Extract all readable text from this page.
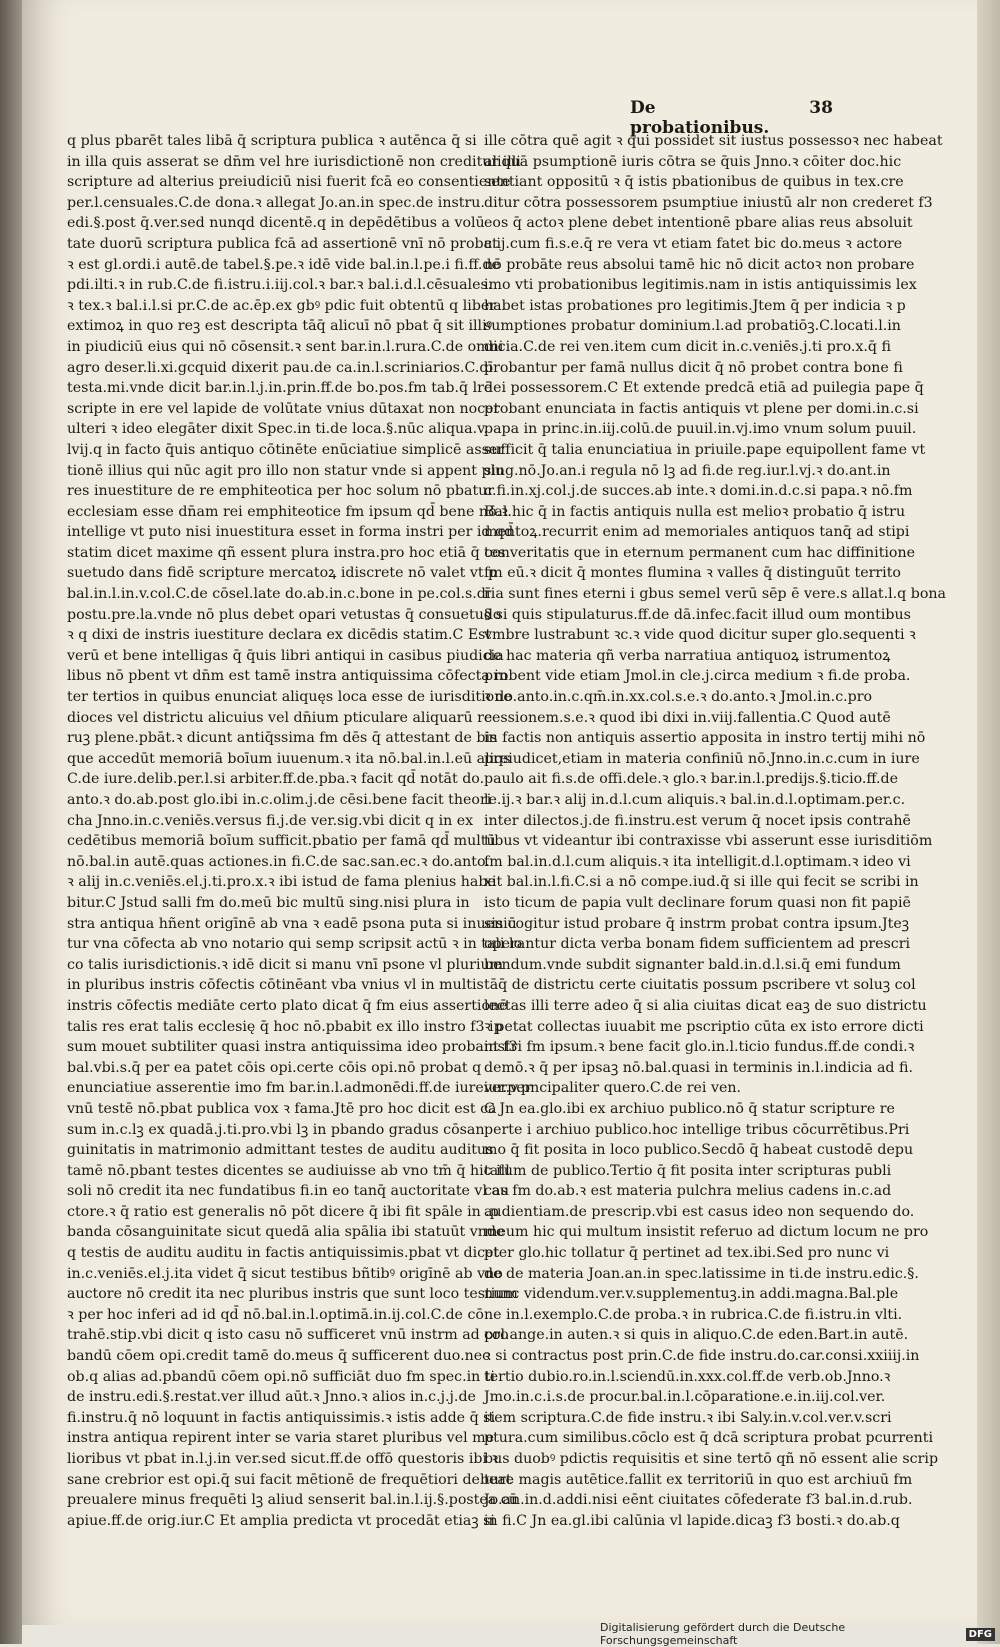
De probationibus.
38
q plus pbarēt tales libā q̄ scriptura publica ꝛ autēnca q̄ si
in illa quis asserat se dn̄m vel hre iurisdictionē non creditur illi
scripture ad alterius preiudiciū nisi fuerit fcā eo consentiente
per.l.censuales.C.de dona.ꝛ allegat Jo.an.in spec.de instru.
edi.§.post q̄.ver.sed nunqd dicentē.q in depēdētibus a volū
tate duorū scriptura publica fcā ad assertionē vnī nō probat
ꝛ est gl.ordi.i autē.de tabel.§.pe.ꝛ idē vide bal.in.l.pe.i fi.ff.de
pdi.ilti.ꝛ in rub.C.de fi.istru.i.iij.col.ꝛ bar.ꝛ bal.i.d.l.cēsuales.
ꝛ tex.ꝛ bal.i.l.si pr.C.de ac.ēp.ex gbꝰ pdic fuit obtentū q liber
extimoꝝ in quo reꝫ est descripta tāq̄ alicuī nō pbat q̄ sit illiꝰ
in piudiciū eius qui nō cōsensit.ꝛ sent bar.in.l.rura.C.de omni
agro deser.li.xi.gcquid dixerit pau.de ca.in.l.scriniarios.C.dī
testa.mi.vnde dicit bar.in.l.j.in.prin.ff.de bo.pos.fm tab.q̄ lrē
scripte in ere vel lapide de volūtate vnius dūtaxat non nocet
ulteri ꝛ ideo elegāter dixit Spec.in ti.de loca.§.nūc aliqua.v.
lvij.q in facto q̄uis antiquo cōtinēte enūciatiue simplicē asser
tionē illius qui nūc agit pro illo non statur vnde si appent plu
res inuestiture de re emphiteotica per hoc solum nō pbatur
ecclesiam esse dn̄am rei emphiteotice fm ipsum qd̄ bene nō.ꝛ
intellige vt puto nisi inuestitura esset in forma instri per id qd̄
statim dicet maxime qñ essent plura instra.pro hoc etiā q̄ con
suetudo dans fidē scripture mercatoꝝ idiscrete nō valet vt p
bal.in.l.in.v.col.C.de cōsel.late do.ab.in.c.bone in pe.col.s.dī
postu.pre.la.vnde nō plus debet opari vetustas q̄ consuetudo
ꝛ q dixi de instris iuestiture declara ex dicēdis statim.C Est
verū et bene intelligas q̄ q̄uis libri antiqui in casibus piudicia
libus nō pbent vt dn̄m est tamē instra antiquissima cōfecta in
ter tertios in quibus enunciat aliquęs loca esse de iurisditione
dioces vel districtu alicuius vel dn̄ium pticulare aliquarū re
ruꝫ plene.pbāt.ꝛ dicunt antiq̄ssima fm dēs q̄ attestant de bis
que accedūt memoriā boīum iuuenum.ꝛ ita nō.bal.in.l.eū aliqs
C.de iure.delib.per.l.si arbiter.ff.de.pba.ꝛ facit qd̄ notāt do.
anto.ꝛ do.ab.post glo.ibi in.c.olim.j.de cēsi.bene facit theori
cha Jnno.in.c.veniēs.versus fi.j.de ver.sig.vbi dicit q in ex
cedētibus memoriā boīum sufficit.pbatio per famā qd̄ multū
nō.bal.in autē.quas actiones.in fi.C.de sac.san.ec.ꝛ do.anto.
ꝛ alij in.c.veniēs.el.j.ti.pro.x.ꝛ ibi istud de fama plenius habe
bitur.C Jstud salli fm do.meū bic multū sing.nisi plura in
stra antiqua hñent origīnē ab vna ꝛ eadē psona puta si inueniū
tur vna cōfecta ab vno notario qui semp scripsit actū ꝛ in tali lo
co talis iurisdictionis.ꝛ idē dicit si manu vnī psone vl plurium
in pluribus instris cōfectis cōtinēant vba vnius vl in multis
instris cōfectis mediāte certo plato dicat q̄ fm eius assertionē
talis res erat talis ecclesię q̄ hoc nō.pbabit ex illo instro f3 ip
sum mouet subtiliter quasi instra antiquissima ideo probant f3
bal.vbi.s.q̄ per ea patet cōis opi.certe cōis opi.nō probat q
enunciatiue asserentie imo fm bar.in.l.admonēdi.ff.de iureiur.per
vnū testē nō.pbat publica vox ꝛ fama.Jtē pro hoc dicit est ca
sum in.c.lꝫ ex quadā.j.ti.pro.vbi lꝫ in pbando gradus cōsan
guinitatis in matrimonio admittant testes de auditu auditus
tamē nō.pbant testes dicentes se audiuisse ab vno tm̄ q̄ hic ill
soli nō credit ita nec fundatibus fi.in eo tanq̄ auctoritate vl au
ctore.ꝛ q̄ ratio est generalis nō pōt dicere q̄ ibi fit spāle in .p
banda cōsanguinitate sicut quedā alia spālia ibi statuūt vnde
q testis de auditu auditu in factis antiquissimis.pbat vt dicet
in.c.veniēs.el.j.ita videt q̄ sicut testibus bñtibꝰ origīnē ab vno
auctore nō credit ita nec pluribus instris que sunt loco testium
ꝛ per hoc inferi ad id qd̄ nō.bal.in.l.optimā.in.ij.col.C.de cō
trahē.stip.vbi dicit q isto casu nō sufficeret vnū instrm ad pro
bandū cōem opi.credit tamē do.meus q̄ sufficerent duo.nec
ob.q alias ad.pbandū cōem opi.nō sufficiāt duo fm spec.in ti
de instru.edi.§.restat.ver illud aūt.ꝛ Jnno.ꝛ alios in.c.j.j.de
fi.instru.q̄ nō loquunt in factis antiquissimis.ꝛ istis adde q̄ si
instra antiqua repirent inter se varia staret pluribus vel me
lioribus vt pbat in.l.j.in ver.sed sicut.ff.de offō questoris ibi ꝛ
sane crebrior est opi.q̄ sui facit mētionē de frequētiori debeat
preualere minus frequēti lꝫ aliud senserit bal.in.l.ij.§.postea cū
apiue.ff.de orig.iur.C Et amplia predicta vt procedāt etiaꝫ si
ille cōtra quē agit ꝛ qui possidet sit iustus possessoꝛ nec habeat
aliquā psumptionē iuris cōtra se q̄uis Jnno.ꝛ cōiter doc.hic
sentiant oppositū ꝛ q̄ istis pbationibus de quibus in tex.cre
ditur cōtra possessorem psumptiue iniustū alr non crederet f3
eos q̄ actoꝛ plene debet intentionē pbare alias reus absoluit
c.ij.cum fi.s.e.q̄ re vera vt etiam fatet bic do.meus ꝛ actore
nō probāte reus absolui tamē hic nō dicit actoꝛ non probare
imo vti probationibus legitimis.nam in istis antiquissimis lex
habet istas probationes pro legitimis.Jtem q̄ per indicia ꝛ p
sumptiones probatur dominium.l.ad probatiōꝫ.C.locati.l.in
dicia.C.de rei ven.item cum dicit in.c.veniēs.j.ti pro.x.q̄ fi
probantur per famā nullus dicit q̄ nō probet contra bone fi
dei possessorem.C Et extende predcā etiā ad puilegia pape q̄
probant enunciata in factis antiquis vt plene per domi.in.c.si
papa in princ.in.iij.colū.de puuil.in.vj.imo vnum solum puuil.
sufficit q̄ talia enunciatiua in priuile.pape equipollent fame vt
sing.nō.Jo.an.i regula nō lꝫ ad fi.de reg.iur.l.vj.ꝛ do.ant.in
c.fi.in.xj.col.j.de succes.ab inte.ꝛ domi.in.d.c.si papa.ꝛ nō.fm
Bal.hic q̄ in factis antiquis nulla est melioꝛ probatio q̄ istru
mentoꝝ.recurrit enim ad memoriales antiquos tanq̄ ad stipi
tes veritatis que in eternum permanent cum hac diffinitione
fm eū.ꝛ dicit q̄ montes flumina ꝛ valles q̄ distinguūt territo
ria sunt fines eterni i gbus semel verū sēp ē vere.s allat.l.q bona
§ si quis stipulaturus.ff.de dā.infec.facit illud oum montibus
vmbre lustrabunt ꝛc.ꝛ vide quod dicitur super glo.sequenti ꝛ
de hac materia qñ verba narratiua antiquoꝝ istrumentoꝝ
probent vide etiam Jmol.in cle.j.circa medium ꝛ fi.de proba.
ꝛ do.anto.in.c.qm̄.in.xx.col.s.e.ꝛ do.anto.ꝛ Jmol.in.c.pro
cessionem.s.e.ꝛ quod ibi dixi in.viij.fallentia.C Quod autē
in factis non antiquis assertio apposita in instro tertij mihi nō
preiudicet,etiam in materia confiniū nō.Jnno.in.c.cum in iure
paulo ait fi.s.de offi.dele.ꝛ glo.ꝛ bar.in.l.predijs.§.ticio.ff.de
le.ij.ꝛ bar.ꝛ alij in.d.l.cum aliquis.ꝛ bal.in.d.l.optimam.per.c.
inter dilectos.j.de fi.instru.est verum q̄ nocet ipsis contrahē
tibus vt videantur ibi contraxisse vbi asserunt esse iurisditiōm
fm bal.in.d.l.cum aliquis.ꝛ ita intelligit.d.l.optimam.ꝛ ideo vi
xit bal.in.l.fi.C.si a nō compe.iud.q̄ si ille qui fecit se scribi in
isto ticum de papia vult declinare forum quasi non fit papiē
sis cogitur istud probare q̄ instrm probat contra ipsum.Jteꝫ
operantur dicta verba bonam fidem sufficientem ad prescri
bendum.vnde subdit signanter bald.in.d.l.si.q̄ emi fundum
tāq̄ de districtu certe ciuitatis possum pscribere vt soluꝫ col
lectas illi terre adeo q̄ si alia ciuitas dicat eaꝫ de suo districtu
ꝛ petat collectas iuuabit me pscriptio cūta ex isto errore dicti
instri fm ipsum.ꝛ bene facit glo.in.l.ticio fundus.ff.de condi.ꝛ
demō.ꝛ q̄ per ipsaꝫ nō.bal.quasi in terminis in.l.indicia ad fi.
ver.v.pncipaliter quero.C.de rei ven.
C Jn ea.glo.ibi ex archiuo publico.nō q̄ statur scripture re
perte i archiuo publico.hoc intellige tribus cōcurrētibus.Pri
mo q̄ fit posita in loco publico.Secdō q̄ habeat custodē depu
tatum de publico.Tertio q̄ fit posita inter scripturas publi
cas fm do.ab.ꝛ est materia pulchra melius cadens in.c.ad
audientiam.de prescrip.vbi est casus ideo non sequendo do.
meum hic qui multum insistit referuo ad dictum locum ne pro
pter glo.hic tollatur q̄ pertinet ad tex.ibi.Sed pro nunc vi
de de materia Joan.an.in spec.latissime in ti.de instru.edic.§.
nunc videndum.ver.v.supplementuꝫ.in addi.magna.Bal.ple
ne in.l.exemplo.C.de proba.ꝛ in rubrica.C.de fi.istru.in vlti.
col.ange.in auten.ꝛ si quis in aliquo.C.de eden.Bart.in autē.
ꝛ si contractus post prin.C.de fide instru.do.car.consi.xxiiij.in
tertio dubio.ro.in.l.sciendū.in.xxx.col.ff.de verb.ob.Jnno.ꝛ
Jmo.in.c.i.s.de procur.bal.in.l.cōparatione.e.in.iij.col.ver.
item scriptura.C.de fide instru.ꝛ ibi Saly.in.v.col.ver.v.scri
ptura.cum similibus.cōclo est q̄ dcā scriptura probat pcurrenti
bus duobꝰ pdictis requisitis et sine tertō qñ nō essent alie scrip
ture magis autētice.fallit ex territoriū in quo est archiuū fm
Jo.an.in.d.addi.nisi eēnt ciuitates cōfederate f3 bal.in.d.rub.
in fi.C Jn ea.gl.ibi calūnia vl lapide.dicaꝫ f3 bosti.ꝛ do.ab.q
Digitalisierung gefördert durch die Deutsche Forschungsgemeinschaft	DFG
